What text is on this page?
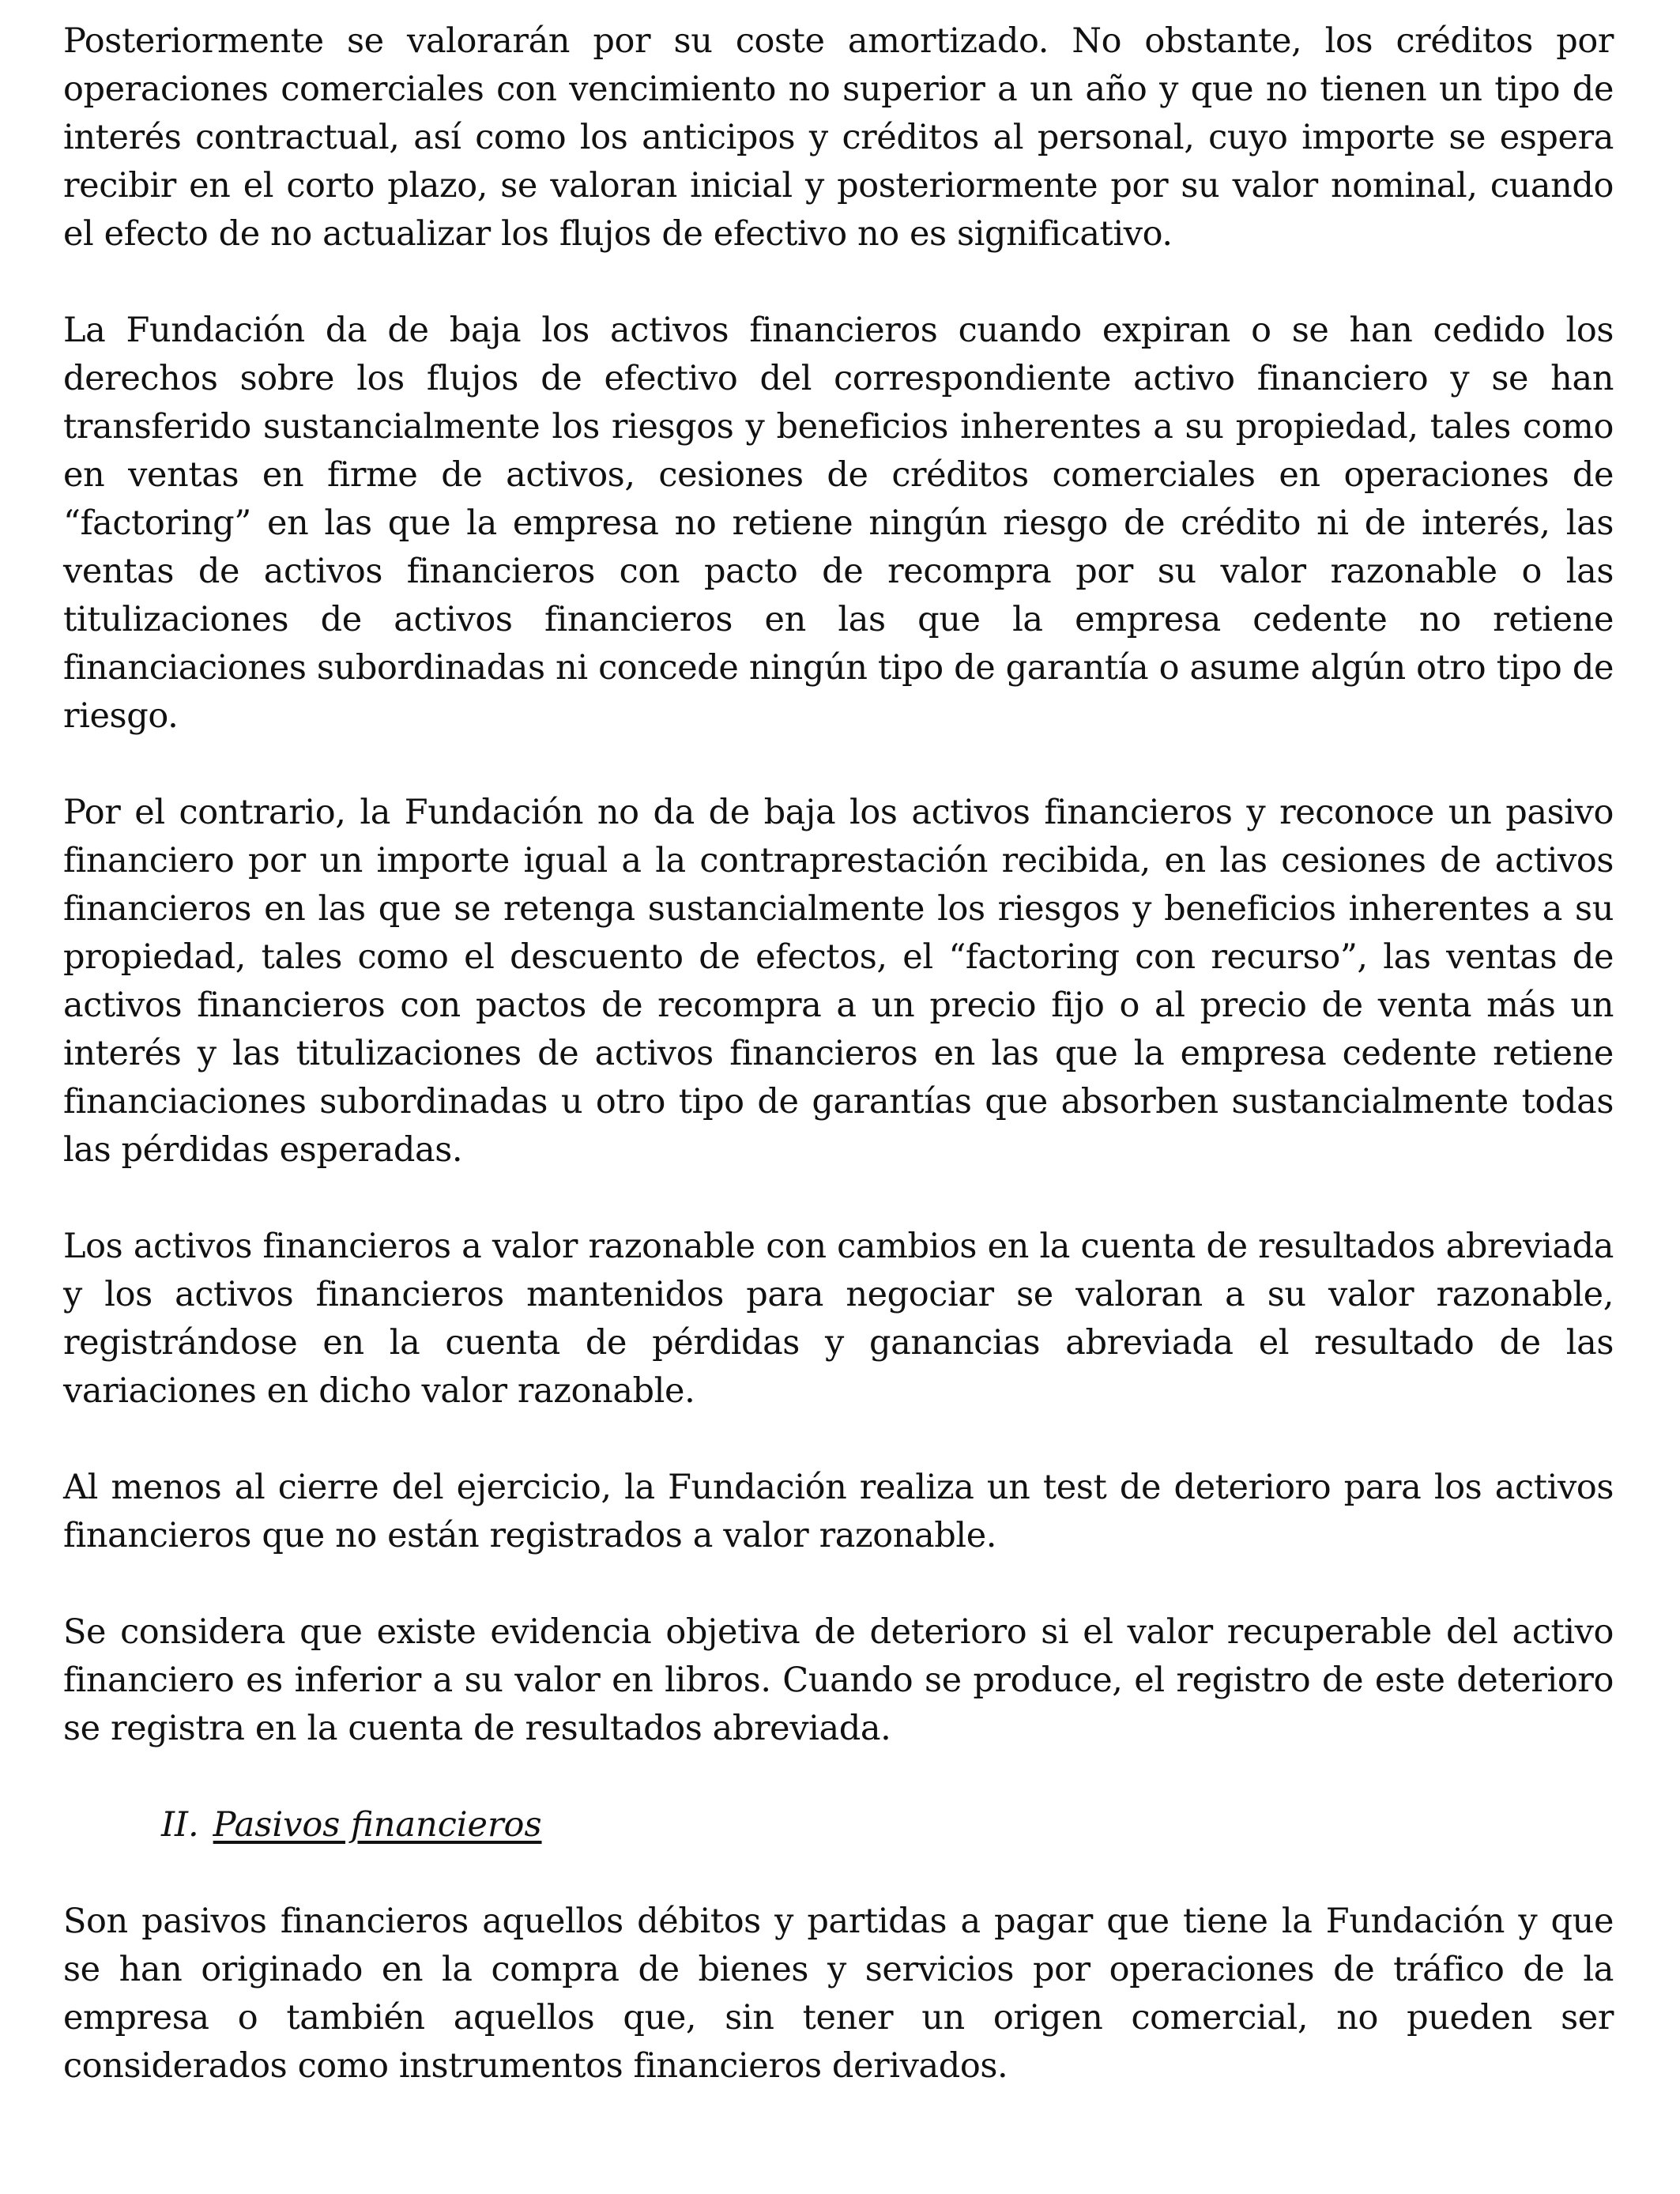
Posteriormente se valorarán por su coste amortizado. No obstante, los créditos por operaciones comerciales con vencimiento no superior a un año y que no tienen un tipo de interés contractual, así como los anticipos y créditos al personal, cuyo importe se espera recibir en el corto plazo, se valoran inicial y posteriormente por su valor nominal, cuando el efecto de no actualizar los flujos de efectivo no es significativo.

La Fundación da de baja los activos financieros cuando expiran o se han cedido los derechos sobre los flujos de efectivo del correspondiente activo financiero y se han transferido sustancialmente los riesgos y beneficios inherentes a su propiedad, tales como en ventas en firme de activos, cesiones de créditos comerciales en operaciones de “factoring” en las que la empresa no retiene ningún riesgo de crédito ni de interés, las ventas de activos financieros con pacto de recompra por su valor razonable o las titulizaciones de activos financieros en las que la empresa cedente no retiene financiaciones subordinadas ni concede ningún tipo de garantía o asume algún otro tipo de riesgo.

Por el contrario, la Fundación no da de baja los activos financieros y reconoce un pasivo financiero por un importe igual a la contraprestación recibida, en las cesiones de activos financieros en las que se retenga sustancialmente los riesgos y beneficios inherentes a su propiedad, tales como el descuento de efectos, el “factoring con recurso”, las ventas de activos financieros con pactos de recompra a un precio fijo o al precio de venta más un interés y las titulizaciones de activos financieros en las que la empresa cedente retiene financiaciones subordinadas u otro tipo de garantías que absorben sustancialmente todas las pérdidas esperadas.

Los activos financieros a valor razonable con cambios en la cuenta de resultados abreviada y los activos financieros mantenidos para negociar se valoran a su valor razonable, registrándose en la cuenta de pérdidas y ganancias abreviada el resultado de las variaciones en dicho valor razonable.

Al menos al cierre del ejercicio, la Fundación realiza un test de deterioro para los activos financieros que no están registrados a valor razonable.

Se considera que existe evidencia objetiva de deterioro si el valor recuperable del activo financiero es inferior a su valor en libros. Cuando se produce, el registro de este deterioro se registra en la cuenta de resultados abreviada.

II. Pasivos financieros

Son pasivos financieros aquellos débitos y partidas a pagar que tiene la Fundación y que se han originado en la compra de bienes y servicios por operaciones de tráfico de la empresa o también aquellos que, sin tener un origen comercial, no pueden ser considerados como instrumentos financieros derivados.
